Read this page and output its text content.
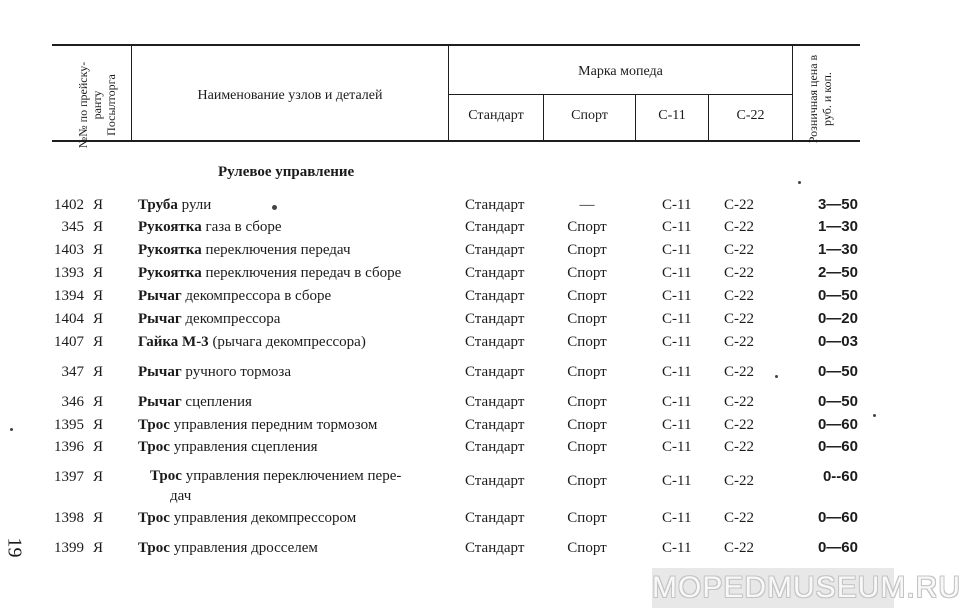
№№ по прейску-ранту Посылторга	Наименование узлов и деталей
Марка мопеда
Стандарт	Спорт	С-11	С-22	Розничная цена в руб. и коп.
Рулевое управление
1402 Я Труба рули	Стандарт	—	С-11 С-22	3—50
345 Я Рукоятка газа в сборе	Стандарт	Спорт	С-11 С-22	1—30
1403 Я Рукоятка переключения передач	Стандарт	Спорт	С-11 С-22	1—30
1393 Я Рукоятка переключения передач в сборе	Стандарт	Спорт	С-11 С-22	2—50
1394 Я Рычаг декомпрессора в сборе	Стандарт	Спорт	С-11 С-22	0—50
1404 Я Рычаг декомпрессора	Стандарт	Спорт	С-11 С-22	0—20
1407 Я Гайка М-3 (рычага декомпрессора)	Стандарт	Спорт	С-11 С-22	0—03
347 Я Рычаг ручного тормоза	Стандарт	Спорт	С-11 С-22	0—50
346 Я Рычаг сцепления	Стандарт	Спорт	С-11 С-22	0—50
1395 Я Трос управления передним тормозом	Стандарт	Спорт	С-11 С-22	0—60
1396 Я Трос управления сцепления	Стандарт	Спорт	С-11 С-22	0—60
1397 Я	Трос управления переключением пере-
дач
Стандарт	Спорт	С-11 С-22	0--60
1398 Я Трос управления декомпрессором	Стандарт	Спорт	С-11 С-22	0—60
1399 Я Трос управления дросселем	Стандарт	Спорт	С-11 С-22	0—60
19
MOPEDMUSEUM.RU
